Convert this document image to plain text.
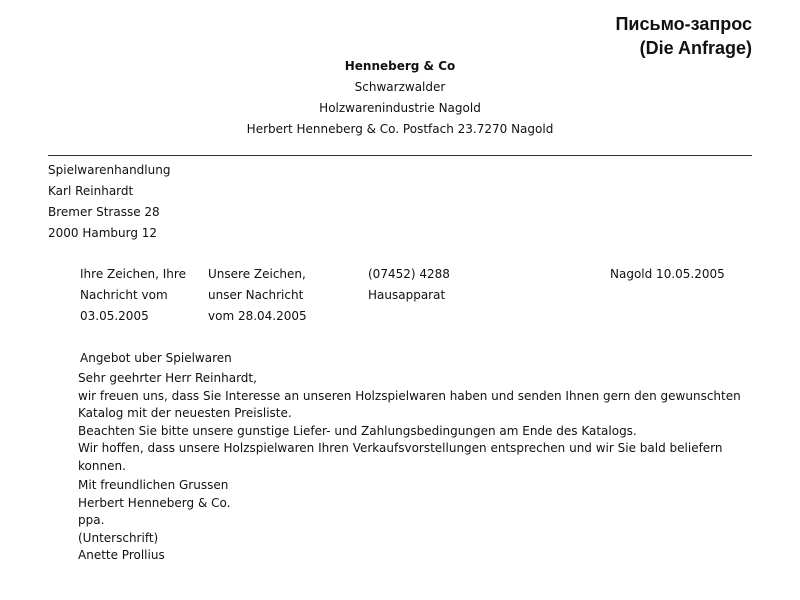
Письмо-запрос
(Die Anfrage)
Henneberg & Co
Schwarzwalder
Holzwarenindustrie Nagold
Herbert Henneberg & Co. Postfach 23.7270 Nagold
Spielwarenhandlung
Karl Reinhardt
Bremer Strasse 28
2000 Hamburg 12
Ihre Zeichen, Ihre
Nachricht vom
03.05.2005
Unsere Zeichen,
unser Nachricht
vom 28.04.2005
(07452) 4288
Hausapparat
Nagold 10.05.2005
Angebot uber Spielwaren
Sehr geehrter Herr Reinhardt,
wir freuen uns, dass Sie Interesse an unseren Holzspielwaren haben und senden Ihnen gern den gewunschten
Katalog mit der neuesten Preisliste.
Beachten Sie bitte unsere gunstige Liefer- und Zahlungsbedingungen am Ende des Katalogs.
Wir hoffen, dass unsere Holzspielwaren Ihren Verkaufsvorstellungen entsprechen und wir Sie bald beliefern
konnen.
Mit freundlichen Grussen
Herbert Henneberg & Co.
ppa.
(Unterschrift)
Anette Prollius
